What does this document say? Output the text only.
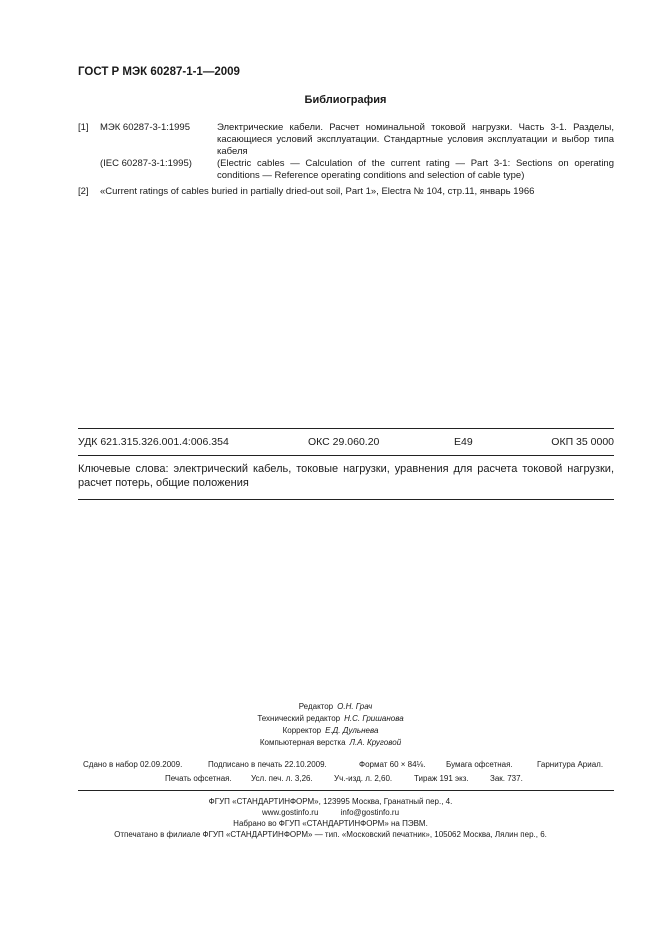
ГОСТ Р МЭК 60287-1-1—2009
Библиография
[1] МЭК 60287-3-1:1995	Электрические кабели. Расчет номинальной токовой нагрузки. Часть 3-1. Разделы, касающиеся условий эксплуатации. Стандартные условия эксплуатации и выбор типа кабеля
(IEC 60287-3-1:1995)	(Electric cables — Calculation of the current rating — Part 3-1: Sections on operating conditions — Reference operating conditions and selection of cable type)
[2] «Current ratings of cables buried in partially dried-out soil, Part 1», Electra № 104, стр.11, январь 1966
УДК 621.315.326.001.4:006.354	ОКС 29.060.20	Е49	ОКП 35 0000
Ключевые слова: электрический кабель, токовые нагрузки, уравнения для расчета токовой нагрузки, расчет потерь, общие положения
Редактор О.Н. Грач
Технический редактор Н.С. Гришанова
Корректор Е.Д. Дульнева
Компьютерная верстка Л.А. Круговой
Сдано в набор 02.09.2009.	Подписано в печать 22.10.2009.	Формат 60 × 84⅛.	Бумага офсетная.	Гарнитура Ариал.
Печать офсетная. Усл. печ. л. 3,26.	Уч.-изд. л. 2,60.	Тираж 191 экз.	Зак. 737.
ФГУП «СТАНДАРТИНФОРМ», 123995 Москва, Гранатный пер., 4.
www.gostinfo.ru          info@gostinfo.ru
Набрано во ФГУП «СТАНДАРТИНФОРМ» на ПЭВМ.
Отпечатано в филиале ФГУП «СТАНДАРТИНФОРМ» — тип. «Московский печатник», 105062 Москва, Лялин пер., 6.
